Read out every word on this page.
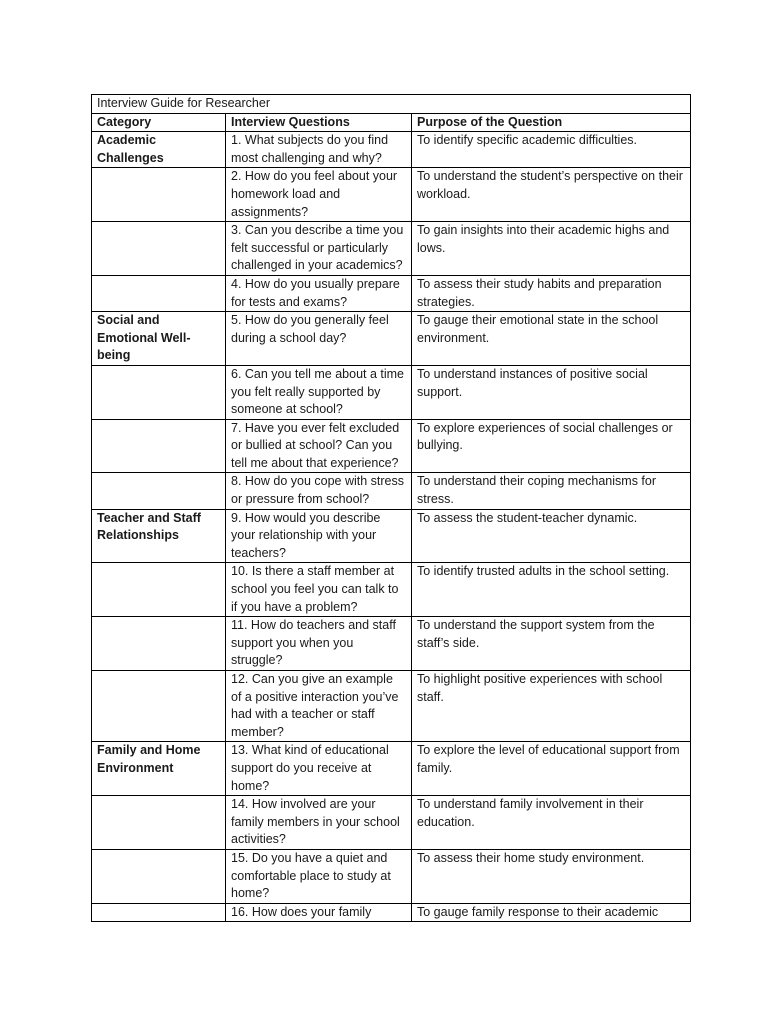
Interview Guide for Researcher		
Category	Interview Questions	Purpose of the Question
Academic Challenges	1. What subjects do you find most challenging and why?	To identify specific academic difficulties.
	2. How do you feel about your homework load and assignments?	To understand the student’s perspective on their workload.
	3. Can you describe a time you felt successful or particularly challenged in your academics?	To gain insights into their academic highs and lows.
	4. How do you usually prepare for tests and exams?	To assess their study habits and preparation strategies.
Social and Emotional Well-being	5. How do you generally feel during a school day?	To gauge their emotional state in the school environment.
	6. Can you tell me about a time you felt really supported by someone at school?	To understand instances of positive social support.
	7. Have you ever felt excluded or bullied at school? Can you tell me about that experience?	To explore experiences of social challenges or bullying.
	8. How do you cope with stress or pressure from school?	To understand their coping mechanisms for stress.
Teacher and Staff Relationships	9. How would you describe your relationship with your teachers?	To assess the student-teacher dynamic.
	10. Is there a staff member at school you feel you can talk to if you have a problem?	To identify trusted adults in the school setting.
	11. How do teachers and staff support you when you struggle?	To understand the support system from the staff’s side.
	12. Can you give an example of a positive interaction you’ve had with a teacher or staff member?	To highlight positive experiences with school staff.
Family and Home Environment	13. What kind of educational support do you receive at home?	To explore the level of educational support from family.
	14. How involved are your family members in your school activities?	To understand family involvement in their education.
	15. Do you have a quiet and comfortable place to study at home?	To assess their home study environment.
	16. How does your family	To gauge family response to their academic
